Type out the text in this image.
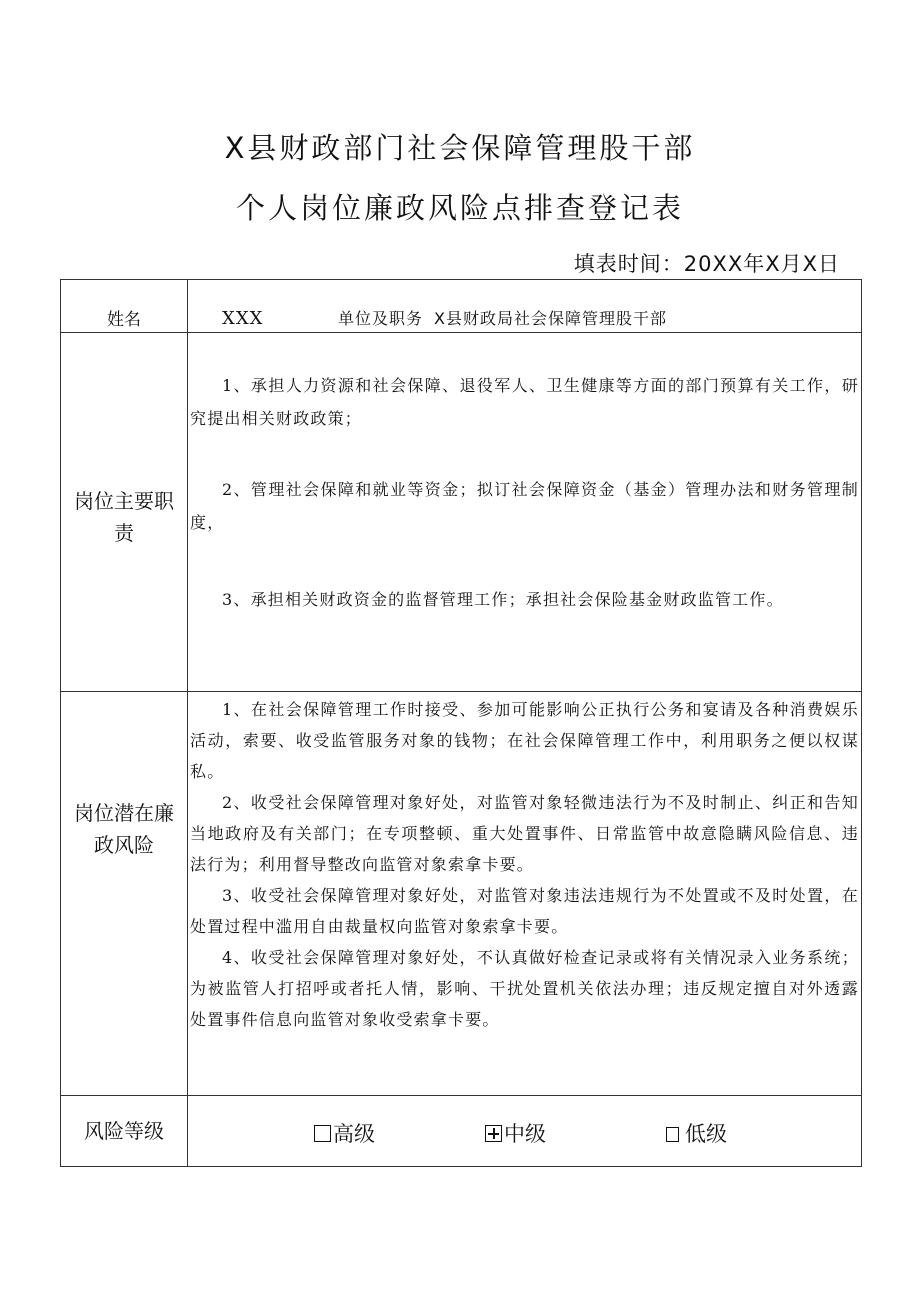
X县财政部门社会保障管理股干部
个人岗位廉政风险点排查登记表
填表时间：20XX年X月X日
姓名	XXX 单位及职务 X县财政局社会保障管理股干部

岗位主要职责	1、承担人力资源和社会保障、退役军人、卫生健康等方面的部门预算有关工作，研究提出相关财政政策；

2、管理社会保障和就业等资金；拟订社会保障资金（基金）管理办法和财务管理制度，

3、承担相关财政资金的监督管理工作；承担社会保险基金财政监管工作。

岗位潜在廉政风险	1、在社会保障管理工作时接受、参加可能影响公正执行公务和宴请及各种消费娱乐活动，索要、收受监管服务对象的钱物；在社会保障管理工作中，利用职务之便以权谋私。

2、收受社会保障管理对象好处，对监管对象轻微违法行为不及时制止、纠正和告知当地政府及有关部门；在专项整顿、重大处置事件、日常监管中故意隐瞒风险信息、违法行为；利用督导整改向监管对象索拿卡要。

3、收受社会保障管理对象好处，对监管对象违法违规行为不处置或不及时处置，在处置过程中滥用自由裁量权向监管对象索拿卡要。

4、收受社会保障管理对象好处，不认真做好检查记录或将有关情况录入业务系统；为被监管人打招呼或者托人情，影响、干扰处置机关依法办理；违反规定擅自对外透露处置事件信息向监管对象收受索拿卡要。

风险等级	高级 中级 低级
